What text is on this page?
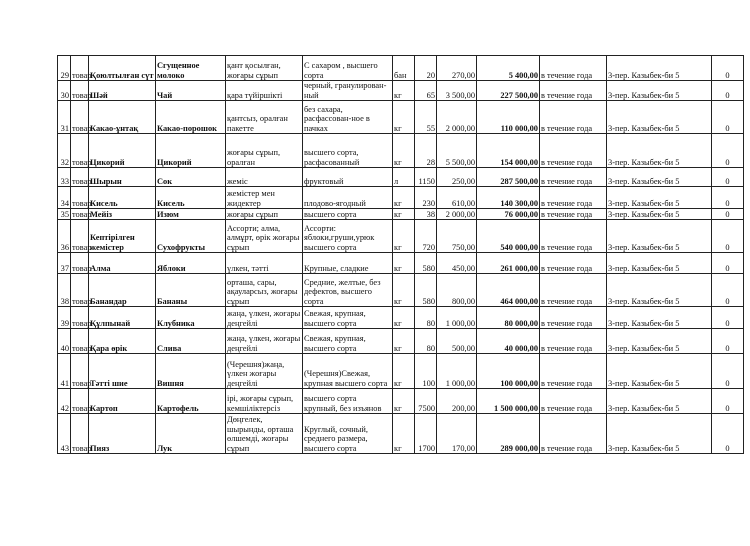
29	товар	Қоюлтылған сүт	Сгущенное молоко	қант қосылған, жоғары сұрып	С сахаром , высшего сорта	бан	20	270,00	5 400,00	в течение года	3-пер. Казыбек-би 5	0
30	товар	Шәй	Чай	қара түйіршікті	черный, гранулирован-ный	кг	65	3 500,00	227 500,00	в течение года	3-пер. Казыбек-би 5	0
31	товар	Какао-ұнтақ	Какао-порошок	қантсыз, оралған пакетте	без сахара, расфассован-ное в пачках	кг	55	2 000,00	110 000,00	в течение года	3-пер. Казыбек-би 5	0
32	товар	Цикорий	Цикорий	жоғары сұрып, оралған	высшего сорта, расфасованный	кг	28	5 500,00	154 000,00	в течение года	3-пер. Казыбек-би 5	0
33	товар	Шырын	Сок	жеміс	фруктовый	л	1150	250,00	287 500,00	в течение года	3-пер. Казыбек-би 5	0
34	товар	Кисель	Кисель	жемістер мен жидектер	плодово-ягодный	кг	230	610,00	140 300,00	в течение года	3-пер. Казыбек-би 5	0
35	товар	Мейіз	Изюм	жоғары сұрып	высшего сорта	кг	38	2 000,00	76 000,00	в течение года	3-пер. Казыбек-би 5	0
36	товар	Кептірілген жемістер	Сухофрукты	Ассорти; алма, алмұрт, өрік жоғары сұрып	Ассорти: яблоки,груши,урюк высшего сорта	кг	720	750,00	540 000,00	в течение года	3-пер. Казыбек-би 5	0
37	товар	Алма	Яблоки	үлкен, тәтті	Крупные, сладкие	кг	580	450,00	261 000,00	в течение года	3-пер. Казыбек-би 5	0
38	товар	Банандар	Бананы	орташа, сары, ақауларсыз, жоғары сұрып	Средние, желтые, без дефектов, высшего сорта	кг	580	800,00	464 000,00	в течение года	3-пер. Казыбек-би 5	0
39	товар	Құлпынай	Клубника	жаңа, үлкен, жоғары деңгейлі	Свежая, крупная, высшего сорта	кг	80	1 000,00	80 000,00	в течение года	3-пер. Казыбек-би 5	0
40	товар	Қара өрік	Слива	жаңа, үлкен, жоғары деңгейлі	Свежая, крупная, высшего сорта	кг	80	500,00	40 000,00	в течение года	3-пер. Казыбек-би 5	0
41	товар	Тәтті шие	Вишня	(Черешня)жаңа, үлкен жоғары деңгейлі	(Черешня)Свежая, крупная высшего сорта	кг	100	1 000,00	100 000,00	в течение года	3-пер. Казыбек-би 5	0
42	товар	Картоп	Картофель	ірі, жоғары сұрып, кемшіліктерсіз	высшего сорта крупный, без изъянов	кг	7500	200,00	1 500 000,00	в течение года	3-пер. Казыбек-би 5	0
43	товар	Пияз	Лук	Дөңгелек, шырынды, орташа өлшемді, жоғары сұрып	Круглый, сочный, среднего размера, высшего сорта	кг	1700	170,00	289 000,00	в течение года	3-пер. Казыбек-би 5	0
